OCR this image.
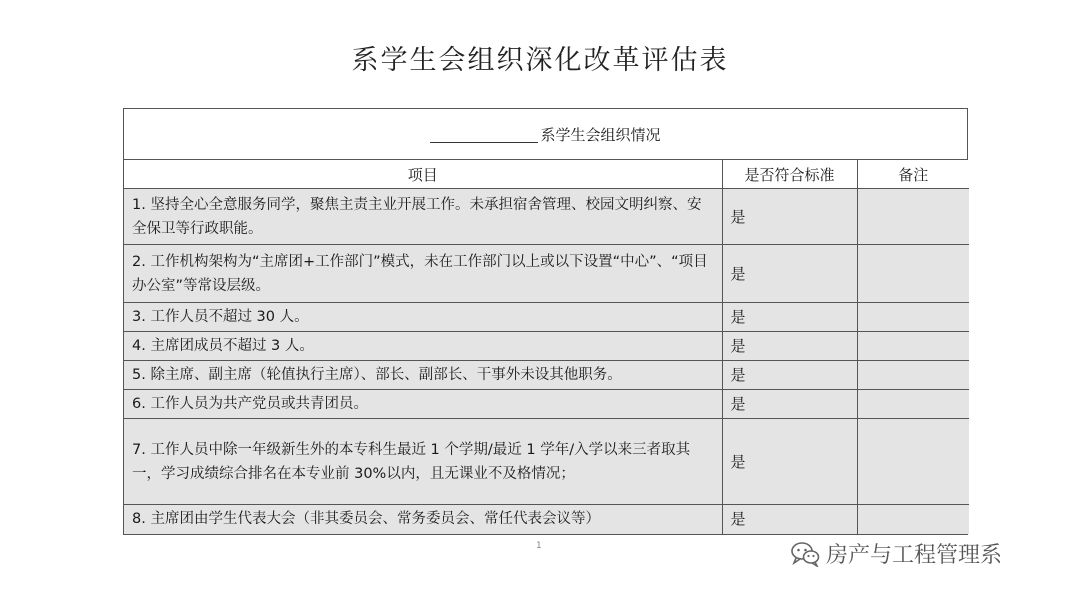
系学生会组织深化改革评估表
系学生会组织情况
项目	是否符合标准	备注
1. 坚持全心全意服务同学，聚焦主责主业开展工作。未承担宿舍管理、校园文明纠察、安全保卫等行政职能。	是	
2. 工作机构架构为“主席团+工作部门”模式，未在工作部门以上或以下设置“中心”、“项目办公室”等常设层级。	是	
3. 工作人员不超过 30 人。	是	
4. 主席团成员不超过 3 人。	是	
5. 除主席、副主席（轮值执行主席）、部长、副部长、干事外未设其他职务。	是	
6. 工作人员为共产党员或共青团员。	是	
7. 工作人员中除一年级新生外的本专科生最近 1 个学期/最近 1 学年/入学以来三者取其一，学习成绩综合排名在本专业前 30%以内，且无课业不及格情况；	是	
8. 主席团由学生代表大会（非其委员会、常务委员会、常任代表会议等）	是	
1	房产与工程管理系
